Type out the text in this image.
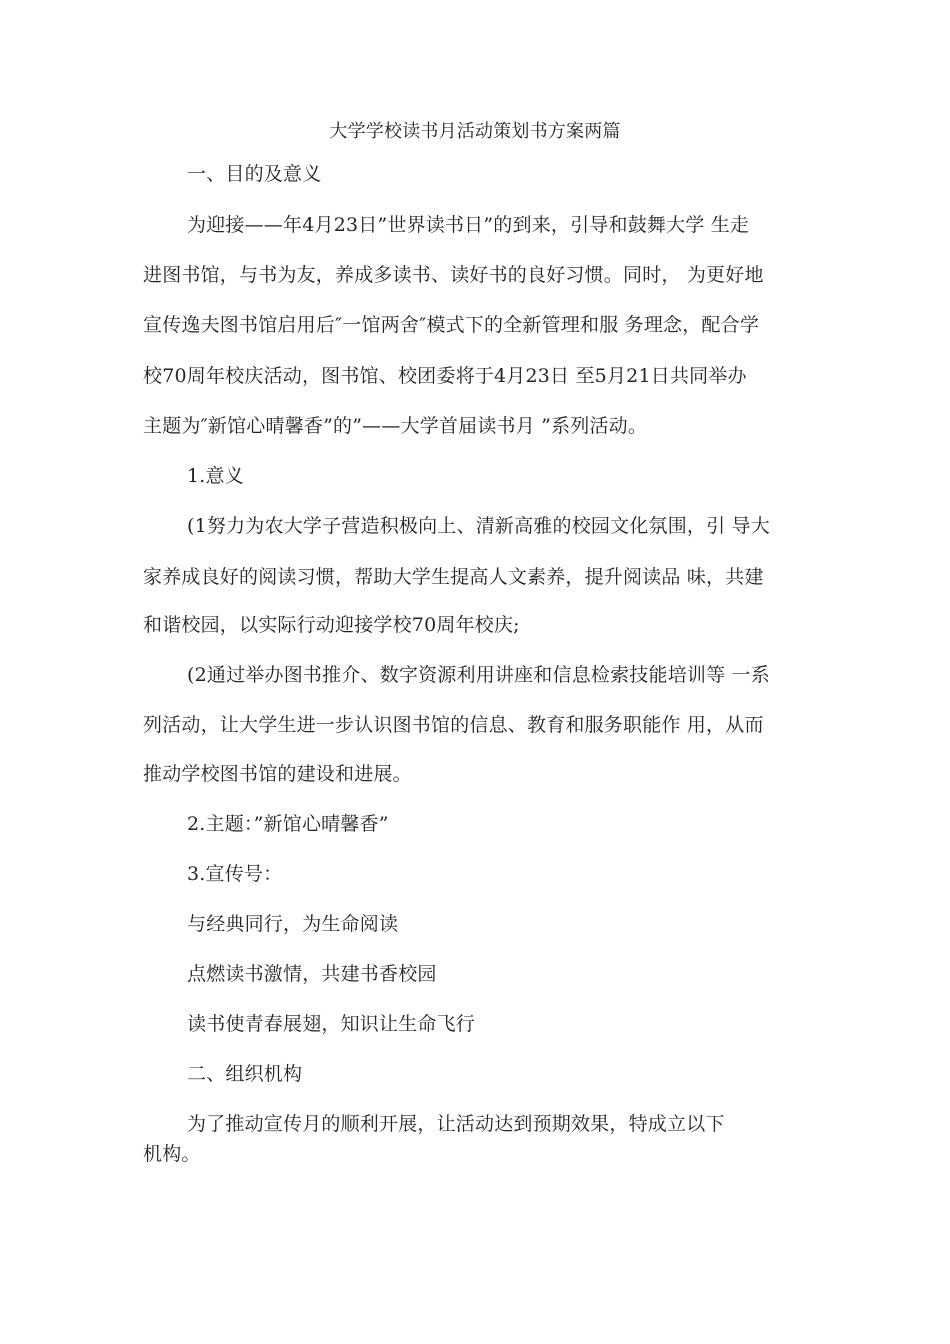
大学学校读书月活动策划书方案两篇
一、目的及意义
为迎接——年4月23日”世界读书日”的到来，引导和鼓舞大学 生走
进图书馆，与书为友，养成多读书、读好书的良好习惯。同时， 为更好地
宣传逸夫图书馆启用后″一馆两舍″模式下的全新管理和服 务理念，配合学
校70周年校庆活动，图书馆、校团委将于4月23日 至5月21日共同举办
主题为″新馆心晴馨香”的”——大学首届读书月 ”系列活动。
1.意义
(1努力为农大学子营造积极向上、清新高雅的校园文化氛围，引 导大
家养成良好的阅读习惯，帮助大学生提高人文素养，提升阅读品 味，共建
和谐校园，以实际行动迎接学校70周年校庆;
(2通过举办图书推介、数字资源利用讲座和信息检索技能培训等 一系
列活动，让大学生进一步认识图书馆的信息、教育和服务职能作 用，从而
推动学校图书馆的建设和进展。
2.主题：”新馆心晴馨香”
3.宣传号：
与经典同行，为生命阅读
点燃读书激情，共建书香校园
读书使青春展翅，知识让生命飞行
二、组织机构
为了推动宣传月的顺利开展，让活动达到预期效果，特成立以下
机构。
